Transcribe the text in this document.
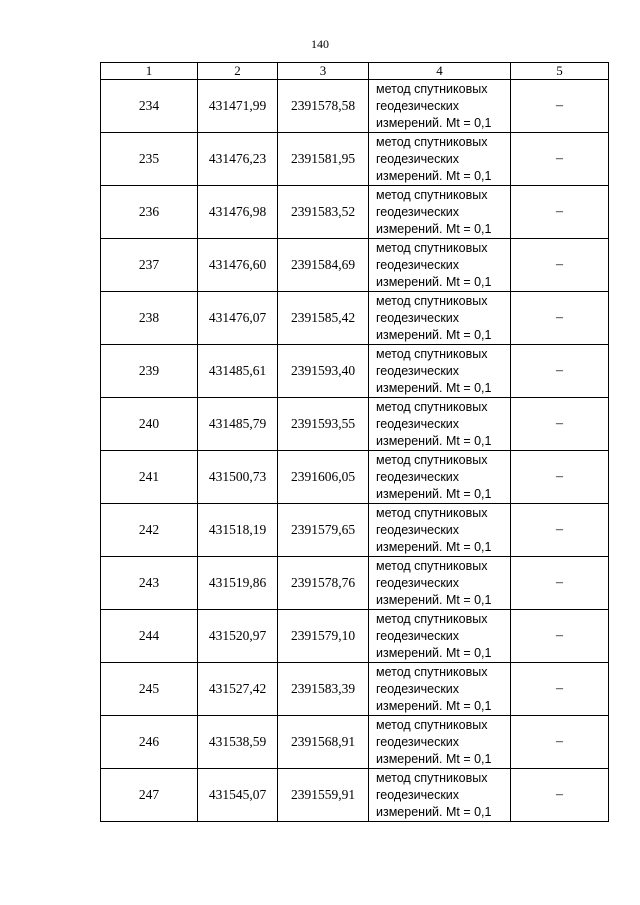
140
1	2	3	4	5
234	431471,99	2391578,58	метод спутниковых
геодезических
измерений. Mt = 0,1	–
235	431476,23	2391581,95	метод спутниковых
геодезических
измерений. Mt = 0,1	–
236	431476,98	2391583,52	метод спутниковых
геодезических
измерений. Mt = 0,1	–
237	431476,60	2391584,69	метод спутниковых
геодезических
измерений. Mt = 0,1	–
238	431476,07	2391585,42	метод спутниковых
геодезических
измерений. Mt = 0,1	–
239	431485,61	2391593,40	метод спутниковых
геодезических
измерений. Mt = 0,1	–
240	431485,79	2391593,55	метод спутниковых
геодезических
измерений. Mt = 0,1	–
241	431500,73	2391606,05	метод спутниковых
геодезических
измерений. Mt = 0,1	–
242	431518,19	2391579,65	метод спутниковых
геодезических
измерений. Mt = 0,1	–
243	431519,86	2391578,76	метод спутниковых
геодезических
измерений. Mt = 0,1	–
244	431520,97	2391579,10	метод спутниковых
геодезических
измерений. Mt = 0,1	–
245	431527,42	2391583,39	метод спутниковых
геодезических
измерений. Mt = 0,1	–
246	431538,59	2391568,91	метод спутниковых
геодезических
измерений. Mt = 0,1	–
247	431545,07	2391559,91	метод спутниковых
геодезических
измерений. Mt = 0,1	–
